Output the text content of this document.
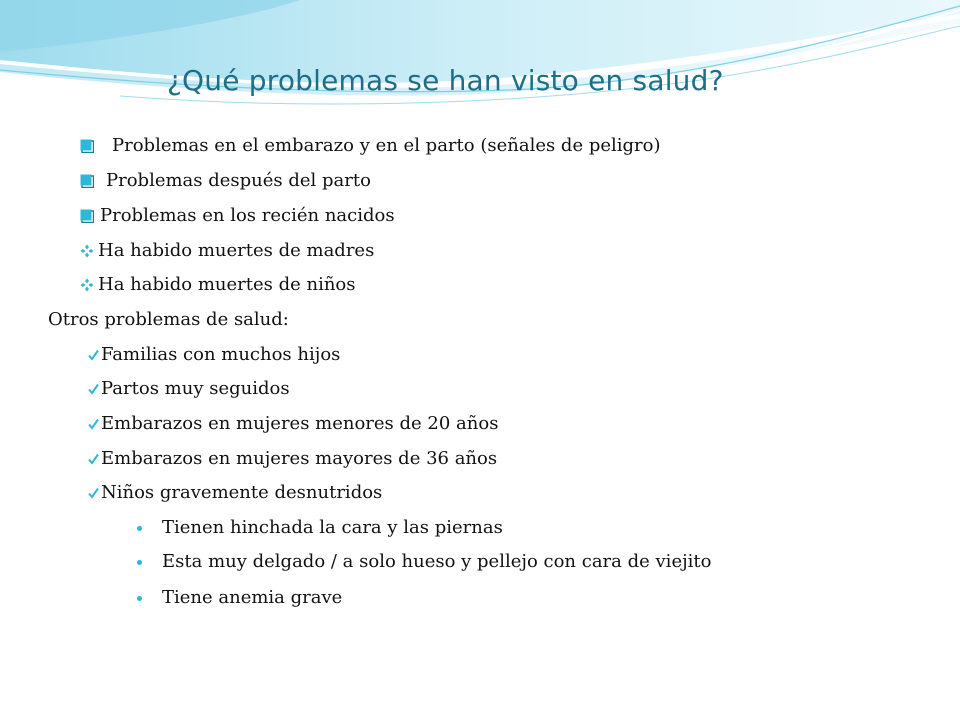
¿Qué problemas se han visto en salud?
Problemas en el embarazo y en el parto (señales de peligro)
Problemas después del parto
Problemas en los recién nacidos
Ha habido muertes de madres
Ha habido muertes de niños
Otros problemas de salud:
Familias con muchos hijos
Partos muy seguidos
Embarazos en mujeres menores de 20 años
Embarazos en mujeres mayores de 36 años
Niños gravemente desnutridos
Tienen hinchada la cara y las piernas
Esta muy delgado / a solo hueso y pellejo con cara de viejito
Tiene anemia grave
